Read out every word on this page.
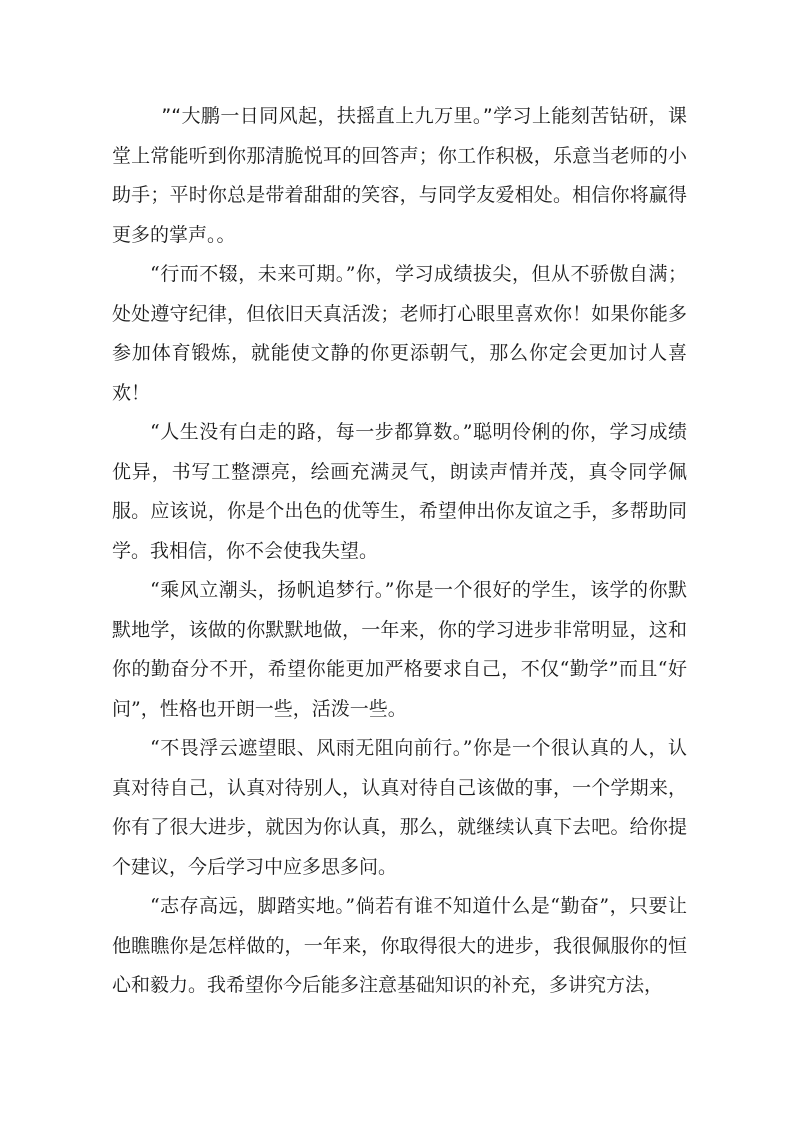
”“大鹏一日同风起，扶摇直上九万里。”学习上能刻苦钻研，课堂上常能听到你那清脆悦耳的回答声；你工作积极，乐意当老师的小助手；平时你总是带着甜甜的笑容，与同学友爱相处。相信你将赢得更多的掌声。。

“行而不辍，未来可期。”你，学习成绩拔尖，但从不骄傲自满；处处遵守纪律，但依旧天真活泼；老师打心眼里喜欢你！如果你能多参加体育锻炼，就能使文静的你更添朝气，那么你定会更加讨人喜欢！

“人生没有白走的路，每一步都算数。”聪明伶俐的你，学习成绩优异，书写工整漂亮，绘画充满灵气，朗读声情并茂，真令同学佩服。应该说，你是个出色的优等生，希望伸出你友谊之手，多帮助同学。我相信，你不会使我失望。

“乘风立潮头，扬帆追梦行。”你是一个很好的学生，该学的你默默地学，该做的你默默地做，一年来，你的学习进步非常明显，这和你的勤奋分不开，希望你能更加严格要求自己，不仅“勤学”而且“好问”，性格也开朗一些，活泼一些。

“不畏浮云遮望眼、风雨无阻向前行。”你是一个很认真的人，认真对待自己，认真对待别人，认真对待自己该做的事，一个学期来，你有了很大进步，就因为你认真，那么，就继续认真下去吧。给你提个建议，今后学习中应多思多问。

“志存高远，脚踏实地。”倘若有谁不知道什么是“勤奋”，只要让他瞧瞧你是怎样做的，一年来，你取得很大的进步，我很佩服你的恒心和毅力。我希望你今后能多注意基础知识的补充，多讲究方法，
